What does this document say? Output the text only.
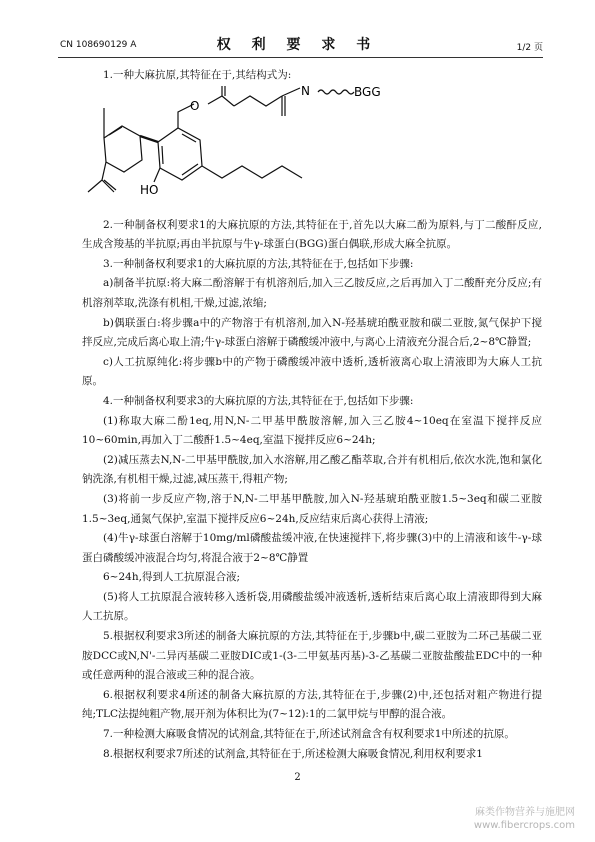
CN 108690129 A	权 利 要 求 书	1/2 页

1.一种大麻抗原,其特征在于,其结构式为:

O
N	BGG
HO

2.一种制备权利要求1的大麻抗原的方法,其特征在于,首先以大麻二酚为原料,与丁二酸酐反应,生成含羧基的半抗原;再由半抗原与牛γ-球蛋白(BGG)蛋白偶联,形成大麻全抗原。

3.一种制备权利要求1的大麻抗原的方法,其特征在于,包括如下步骤:

a)制备半抗原:将大麻二酚溶解于有机溶剂后,加入三乙胺反应,之后再加入丁二酸酐充分反应;有机溶剂萃取,洗涤有机相,干燥,过滤,浓缩;

b)偶联蛋白:将步骤a中的产物溶于有机溶剂,加入N-羟基琥珀酰亚胺和碳二亚胺,氮气保护下搅拌反应,完成后离心取上清;牛γ-球蛋白溶解于磷酸缓冲液中,与离心上清液充分混合后,2~8℃静置;

c)人工抗原纯化:将步骤b中的产物于磷酸缓冲液中透析,透析液离心取上清液即为大麻人工抗原。

4.一种制备权利要求3的大麻抗原的方法,其特征在于,包括如下步骤:

(1)称取大麻二酚1eq,用N,N-二甲基甲酰胺溶解,加入三乙胺4~10eq在室温下搅拌反应10~60min,再加入丁二酸酐1.5~4eq,室温下搅拌反应6~24h;

(2)减压蒸去N,N-二甲基甲酰胺,加入水溶解,用乙酸乙酯萃取,合并有机相后,依次水洗,饱和氯化钠洗涤,有机相干燥,过滤,减压蒸干,得粗产物;

(3)将前一步反应产物,溶于N,N-二甲基甲酰胺,加入N-羟基琥珀酰亚胺1.5~3eq和碳二亚胺1.5~3eq,通氮气保护,室温下搅拌反应6~24h,反应结束后离心获得上清液;

(4)牛γ-球蛋白溶解于10mg/ml磷酸盐缓冲液,在快速搅拌下,将步骤(3)中的上清液和该牛-γ-球蛋白磷酸缓冲液混合均匀,将混合液于2~8℃静置

6~24h,得到人工抗原混合液;

(5)将人工抗原混合液转移入透析袋,用磷酸盐缓冲液透析,透析结束后离心取上清液即得到大麻人工抗原。

5.根据权利要求3所述的制备大麻抗原的方法,其特征在于,步骤b中,碳二亚胺为二环己基碳二亚胺DCC或N,N'-二异丙基碳二亚胺DIC或1-(3-二甲氨基丙基)-3-乙基碳二亚胺盐酸盐EDC中的一种或任意两种的混合液或三种的混合液。

6.根据权利要求4所述的制备大麻抗原的方法,其特征在于,步骤(2)中,还包括对粗产物进行提纯;TLC法提纯粗产物,展开剂为体积比为(7~12):1的二氯甲烷与甲醇的混合液。

7.一种检测大麻吸食情况的试剂盒,其特征在于,所述试剂盒含有权利要求1中所述的抗原。

8.根据权利要求7所述的试剂盒,其特征在于,所述检测大麻吸食情况,利用权利要求1

2
麻类作物营养与施肥网
www.fibercrops.com
